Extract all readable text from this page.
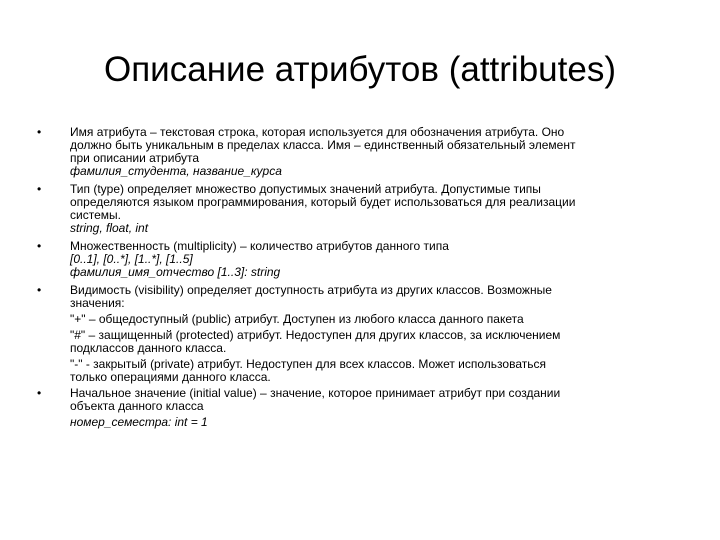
Описание атрибутов (attributes)
•	Имя атрибута – текстовая строка, которая используется для обозначения атрибута. Оно
должно быть уникальным в пределах класса. Имя – единственный обязательный элемент
при описании атрибута
фамилия_студента, название_курса
•	Тип (type) определяет множество допустимых значений атрибута. Допустимые типы
определяются языком программирования, который будет использоваться для реализации
системы.
string, float, int
•	Множественность (multiplicity) – количество атрибутов данного типа
[0..1], [0..*], [1..*], [1..5]
фамилия_имя_отчество [1..3]: string
•	Видимость (visibility) определяет доступность атрибута из других классов. Возможные
значения:
"+" – общедоступный (public) атрибут. Доступен из любого класса данного пакета
"#" – защищенный (protected) атрибут. Недоступен для других классов, за исключением
подклассов данного класса.
"-" - закрытый (private) атрибут. Недоступен для всех классов. Может использоваться
только операциями данного класса.
•	Начальное значение (initial value) – значение, которое принимает атрибут при создании
объекта данного класса
номер_семестра: int = 1
